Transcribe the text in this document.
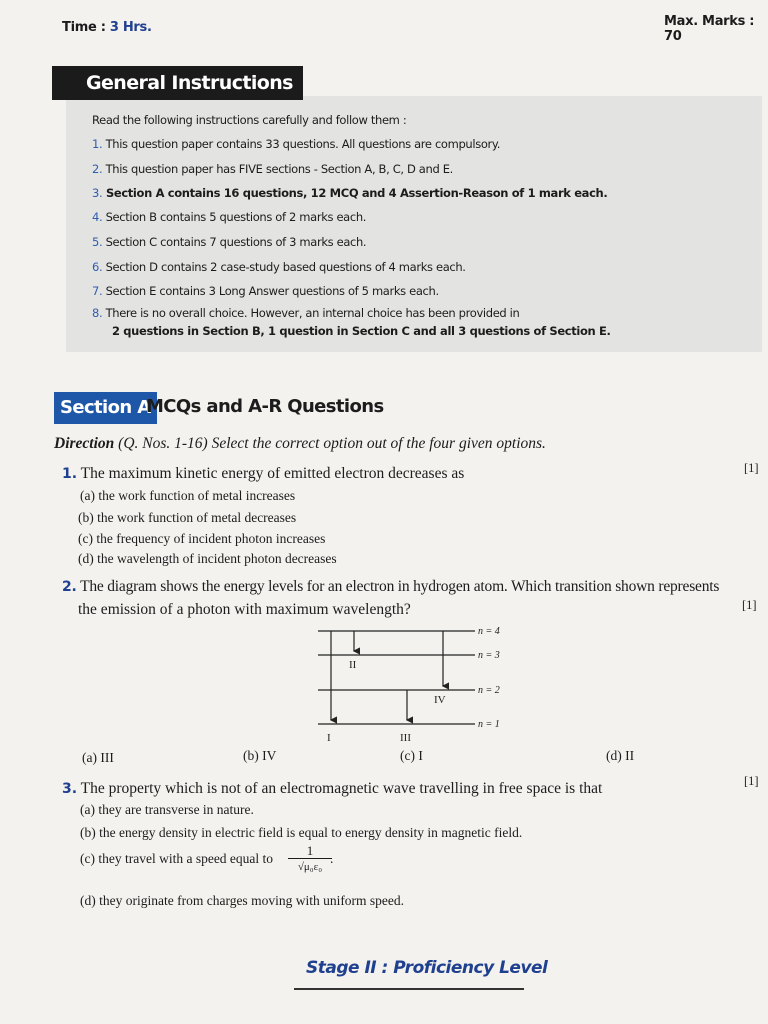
Time : 3 Hrs.	Max. Marks : 70
General Instructions
Read the following instructions carefully and follow them :
1. This question paper contains 33 questions. All questions are compulsory.
2. This question paper has FIVE sections - Section A, B, C, D and E.
3. Section A contains 16 questions, 12 MCQ and 4 Assertion-Reason of 1 mark each.
4. Section B contains 5 questions of 2 marks each.
5. Section C contains 7 questions of 3 marks each.
6. Section D contains 2 case-study based questions of 4 marks each.
7. Section E contains 3 Long Answer questions of 5 marks each.
8. There is no overall choice. However, an internal choice has been provided in
2 questions in Section B, 1 question in Section C and all 3 questions of Section E.
Section A
MCQs and A-R Questions
Direction (Q. Nos. 1-16) Select the correct option out of the four given options.
1. The maximum kinetic energy of emitted electron decreases as	[1]
(a) the work function of metal increases
(b) the work function of metal decreases
(c) the frequency of incident photon increases
(d) the wavelength of incident photon decreases
2. The diagram shows the energy levels for an electron in hydrogen atom. Which transition shown represents
the emission of a photon with maximum wavelength?	[1]
n = 4
n = 3
n = 2
n = 1
I
II
III
IV
(a) III	(b) IV	(c) I	(d) II
3. The property which is not of an electromagnetic wave travelling in free space is that	[1]
(a) they are transverse in nature.
(b) the energy density in electric field is equal to energy density in magnetic field.
(c) they travel with a speed equal to
1
√μ₀ε₀
.
(d) they originate from charges moving with uniform speed.
Stage II : Proficiency Level
